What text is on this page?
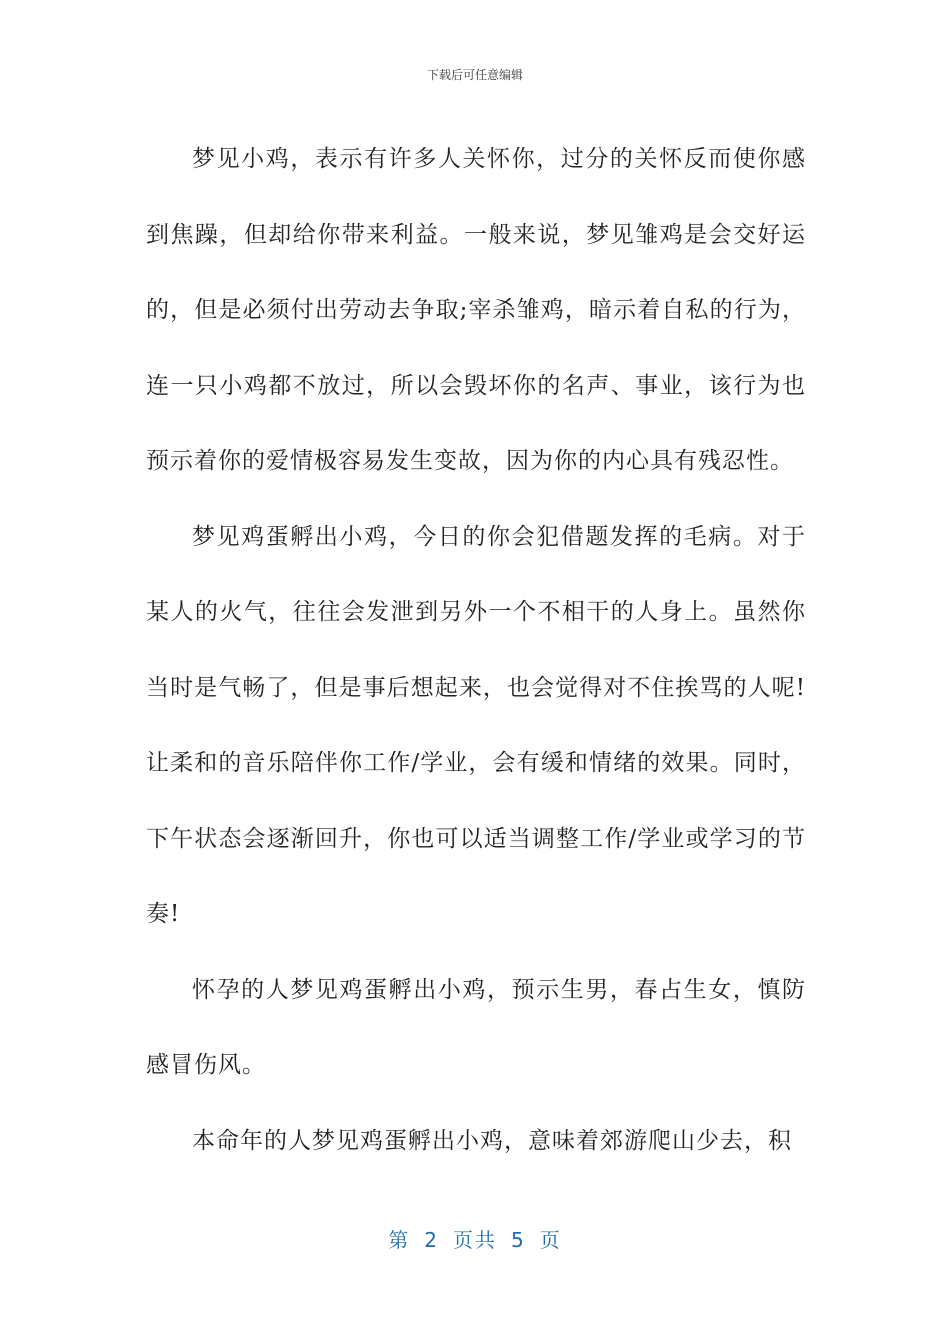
下载后可任意编辑

梦见小鸡，表示有许多人关怀你，过分的关怀反而使你感到焦躁，但却给你带来利益。一般来说，梦见雏鸡是会交好运的，但是必须付出劳动去争取;宰杀雏鸡，暗示着自私的行为，连一只小鸡都不放过，所以会毁坏你的名声、事业，该行为也预示着你的爱情极容易发生变故，因为你的内心具有残忍性。

梦见鸡蛋孵出小鸡，今日的你会犯借题发挥的毛病。对于某人的火气，往往会发泄到另外一个不相干的人身上。虽然你当时是气畅了，但是事后想起来，也会觉得对不住挨骂的人呢!让柔和的音乐陪伴你工作/学业，会有缓和情绪的效果。同时，下午状态会逐渐回升，你也可以适当调整工作/学业或学习的节奏!

怀孕的人梦见鸡蛋孵出小鸡，预示生男，春占生女，慎防感冒伤风。

本命年的人梦见鸡蛋孵出小鸡，意味着郊游爬山少去，积

第 2 页共 5 页
